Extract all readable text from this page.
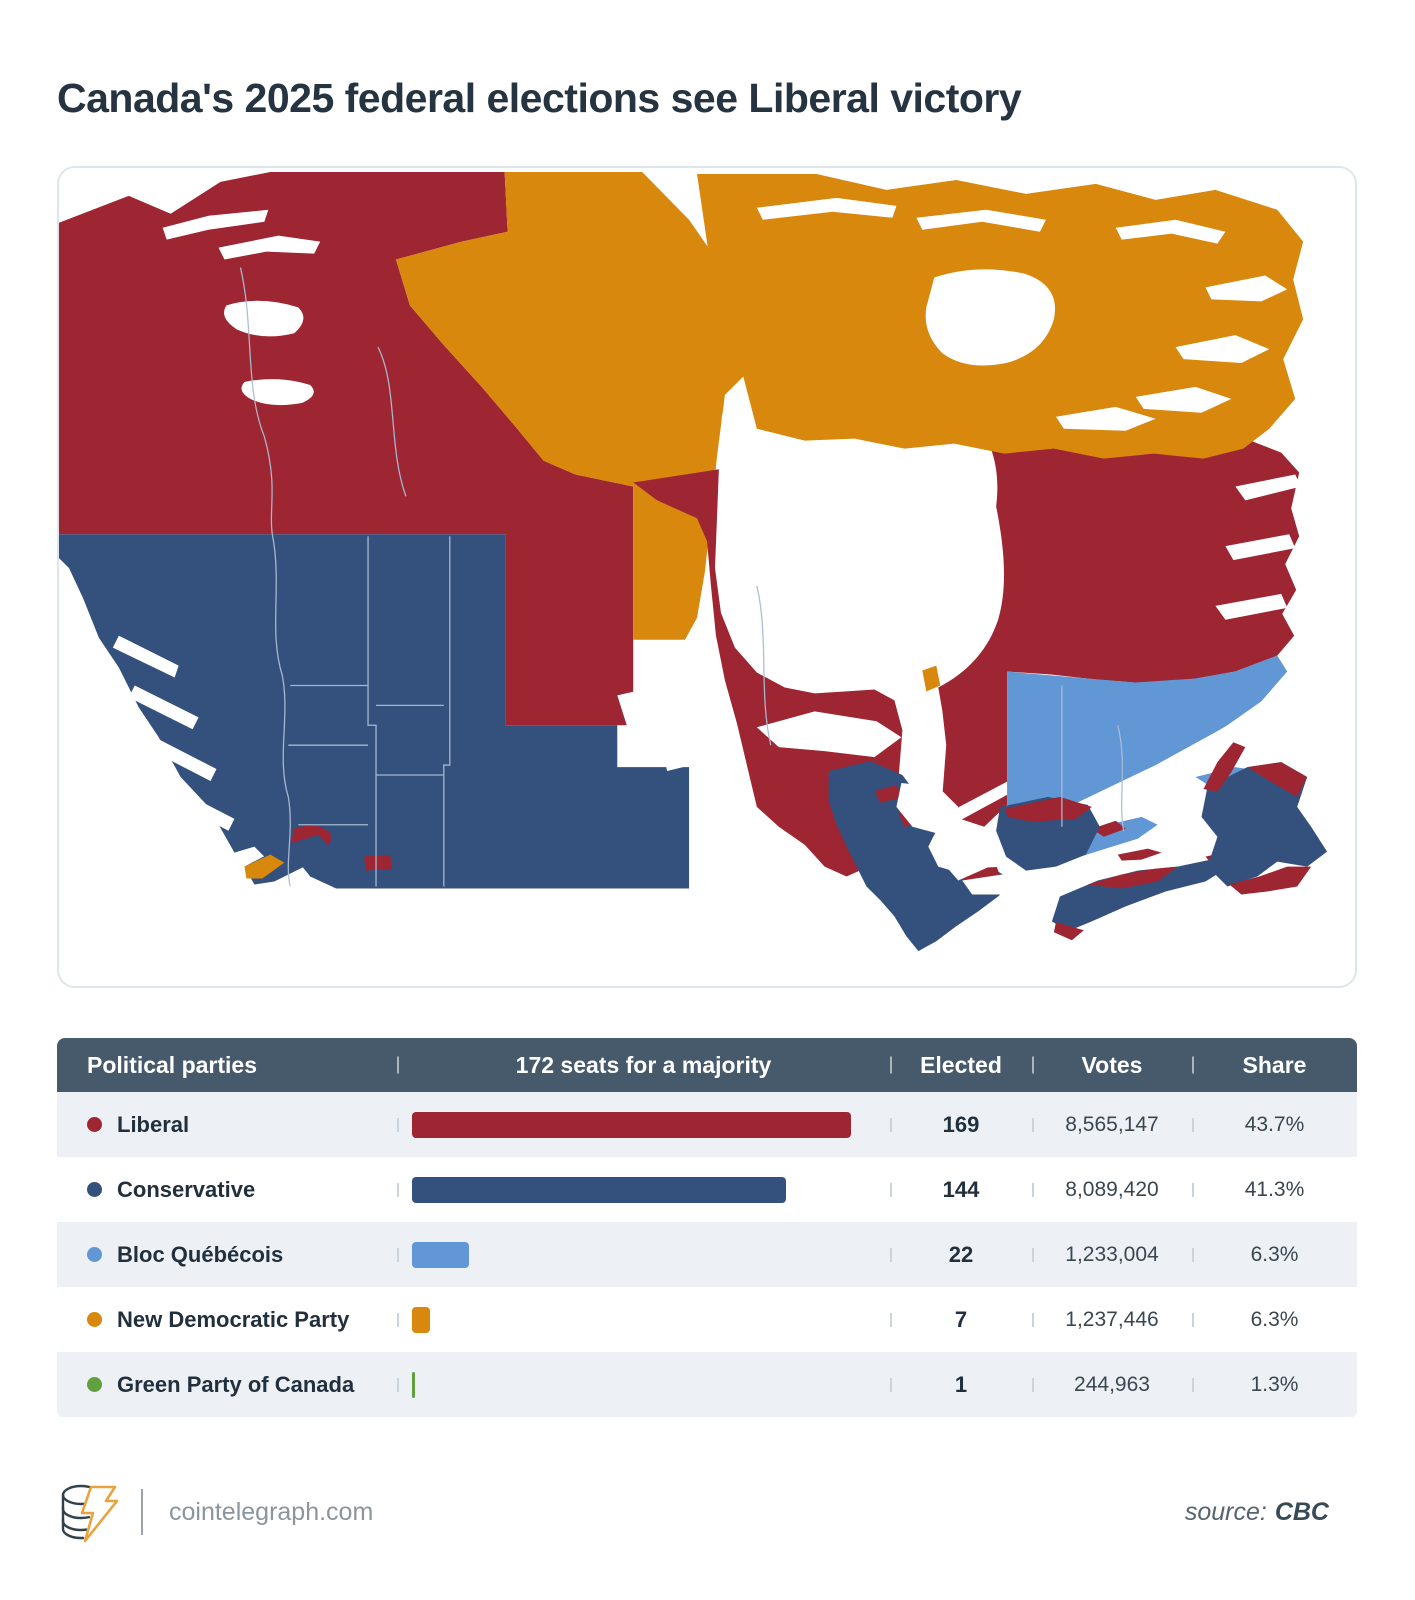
Canada's 2025 federal elections see Liberal victory
Political parties	172 seats for a majority	Elected	Votes	Share
Liberal	169	8,565,147	43.7%
Conservative	144	8,089,420	41.3%
Bloc Québécois	22	1,233,004	6.3%
New Democratic Party	7	1,237,446	6.3%
Green Party of Canada	1	244,963	1.3%
cointelegraph.com	source: CBC
